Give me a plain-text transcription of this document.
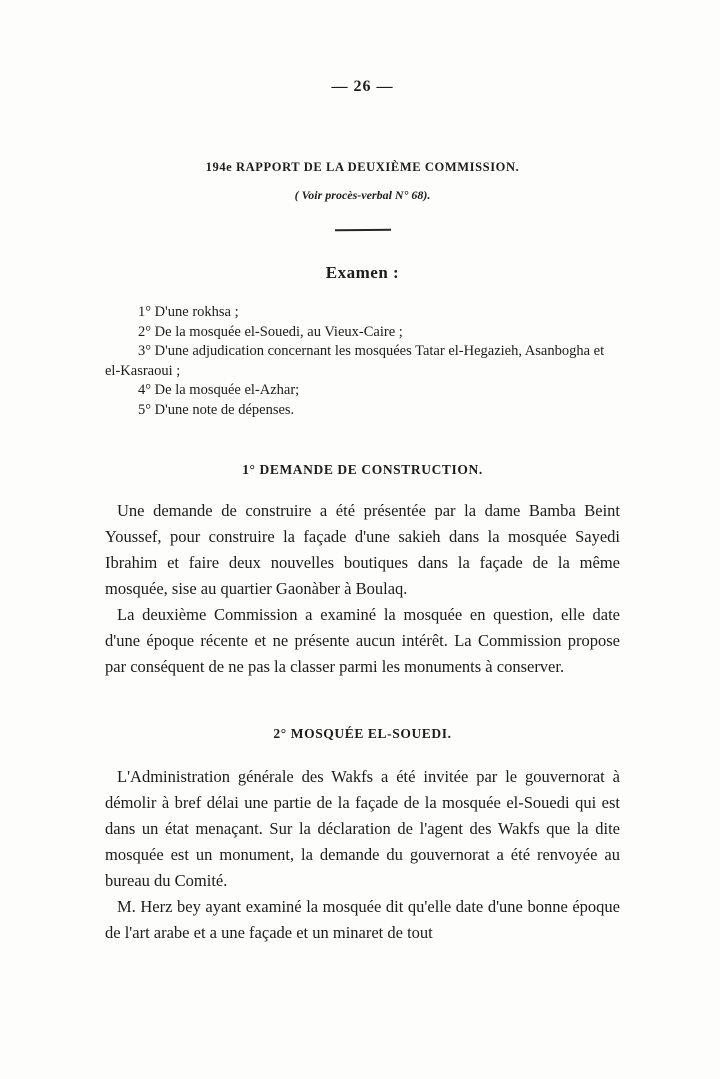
— 26 —
194e RAPPORT DE LA DEUXIÈME COMMISSION.
( Voir procès-verbal N° 68).
Examen :
1° D'une rokhsa ;
2° De la mosquée el-Souedi, au Vieux-Caire ;
3° D'une adjudication concernant les mosquées Tatar el-Hegazieh, Asanbogha et el-Kasraoui ;
4° De la mosquée el-Azhar;
5° D'une note de dépenses.
1° DEMANDE DE CONSTRUCTION.

Une demande de construire a été présentée par la dame Bamba Beint Youssef, pour construire la façade d'une sakieh dans la mosquée Sayedi Ibrahim et faire deux nouvelles boutiques dans la façade de la même mosquée, sise au quartier Gaonàber à Boulaq.

La deuxième Commission a examiné la mosquée en question, elle date d'une époque récente et ne présente aucun intérêt. La Commission propose par conséquent de ne pas la classer parmi les monuments à conserver.

2° MOSQUÉE EL-SOUEDI.

L'Administration générale des Wakfs a été invitée par le gouvernorat à démolir à bref délai une partie de la façade de la mosquée el-Souedi qui est dans un état menaçant. Sur la déclaration de l'agent des Wakfs que la dite mosquée est un monument, la demande du gouvernorat a été renvoyée au bureau du Comité.

M. Herz bey ayant examiné la mosquée dit qu'elle date d'une bonne époque de l'art arabe et a une façade et un minaret de tout
